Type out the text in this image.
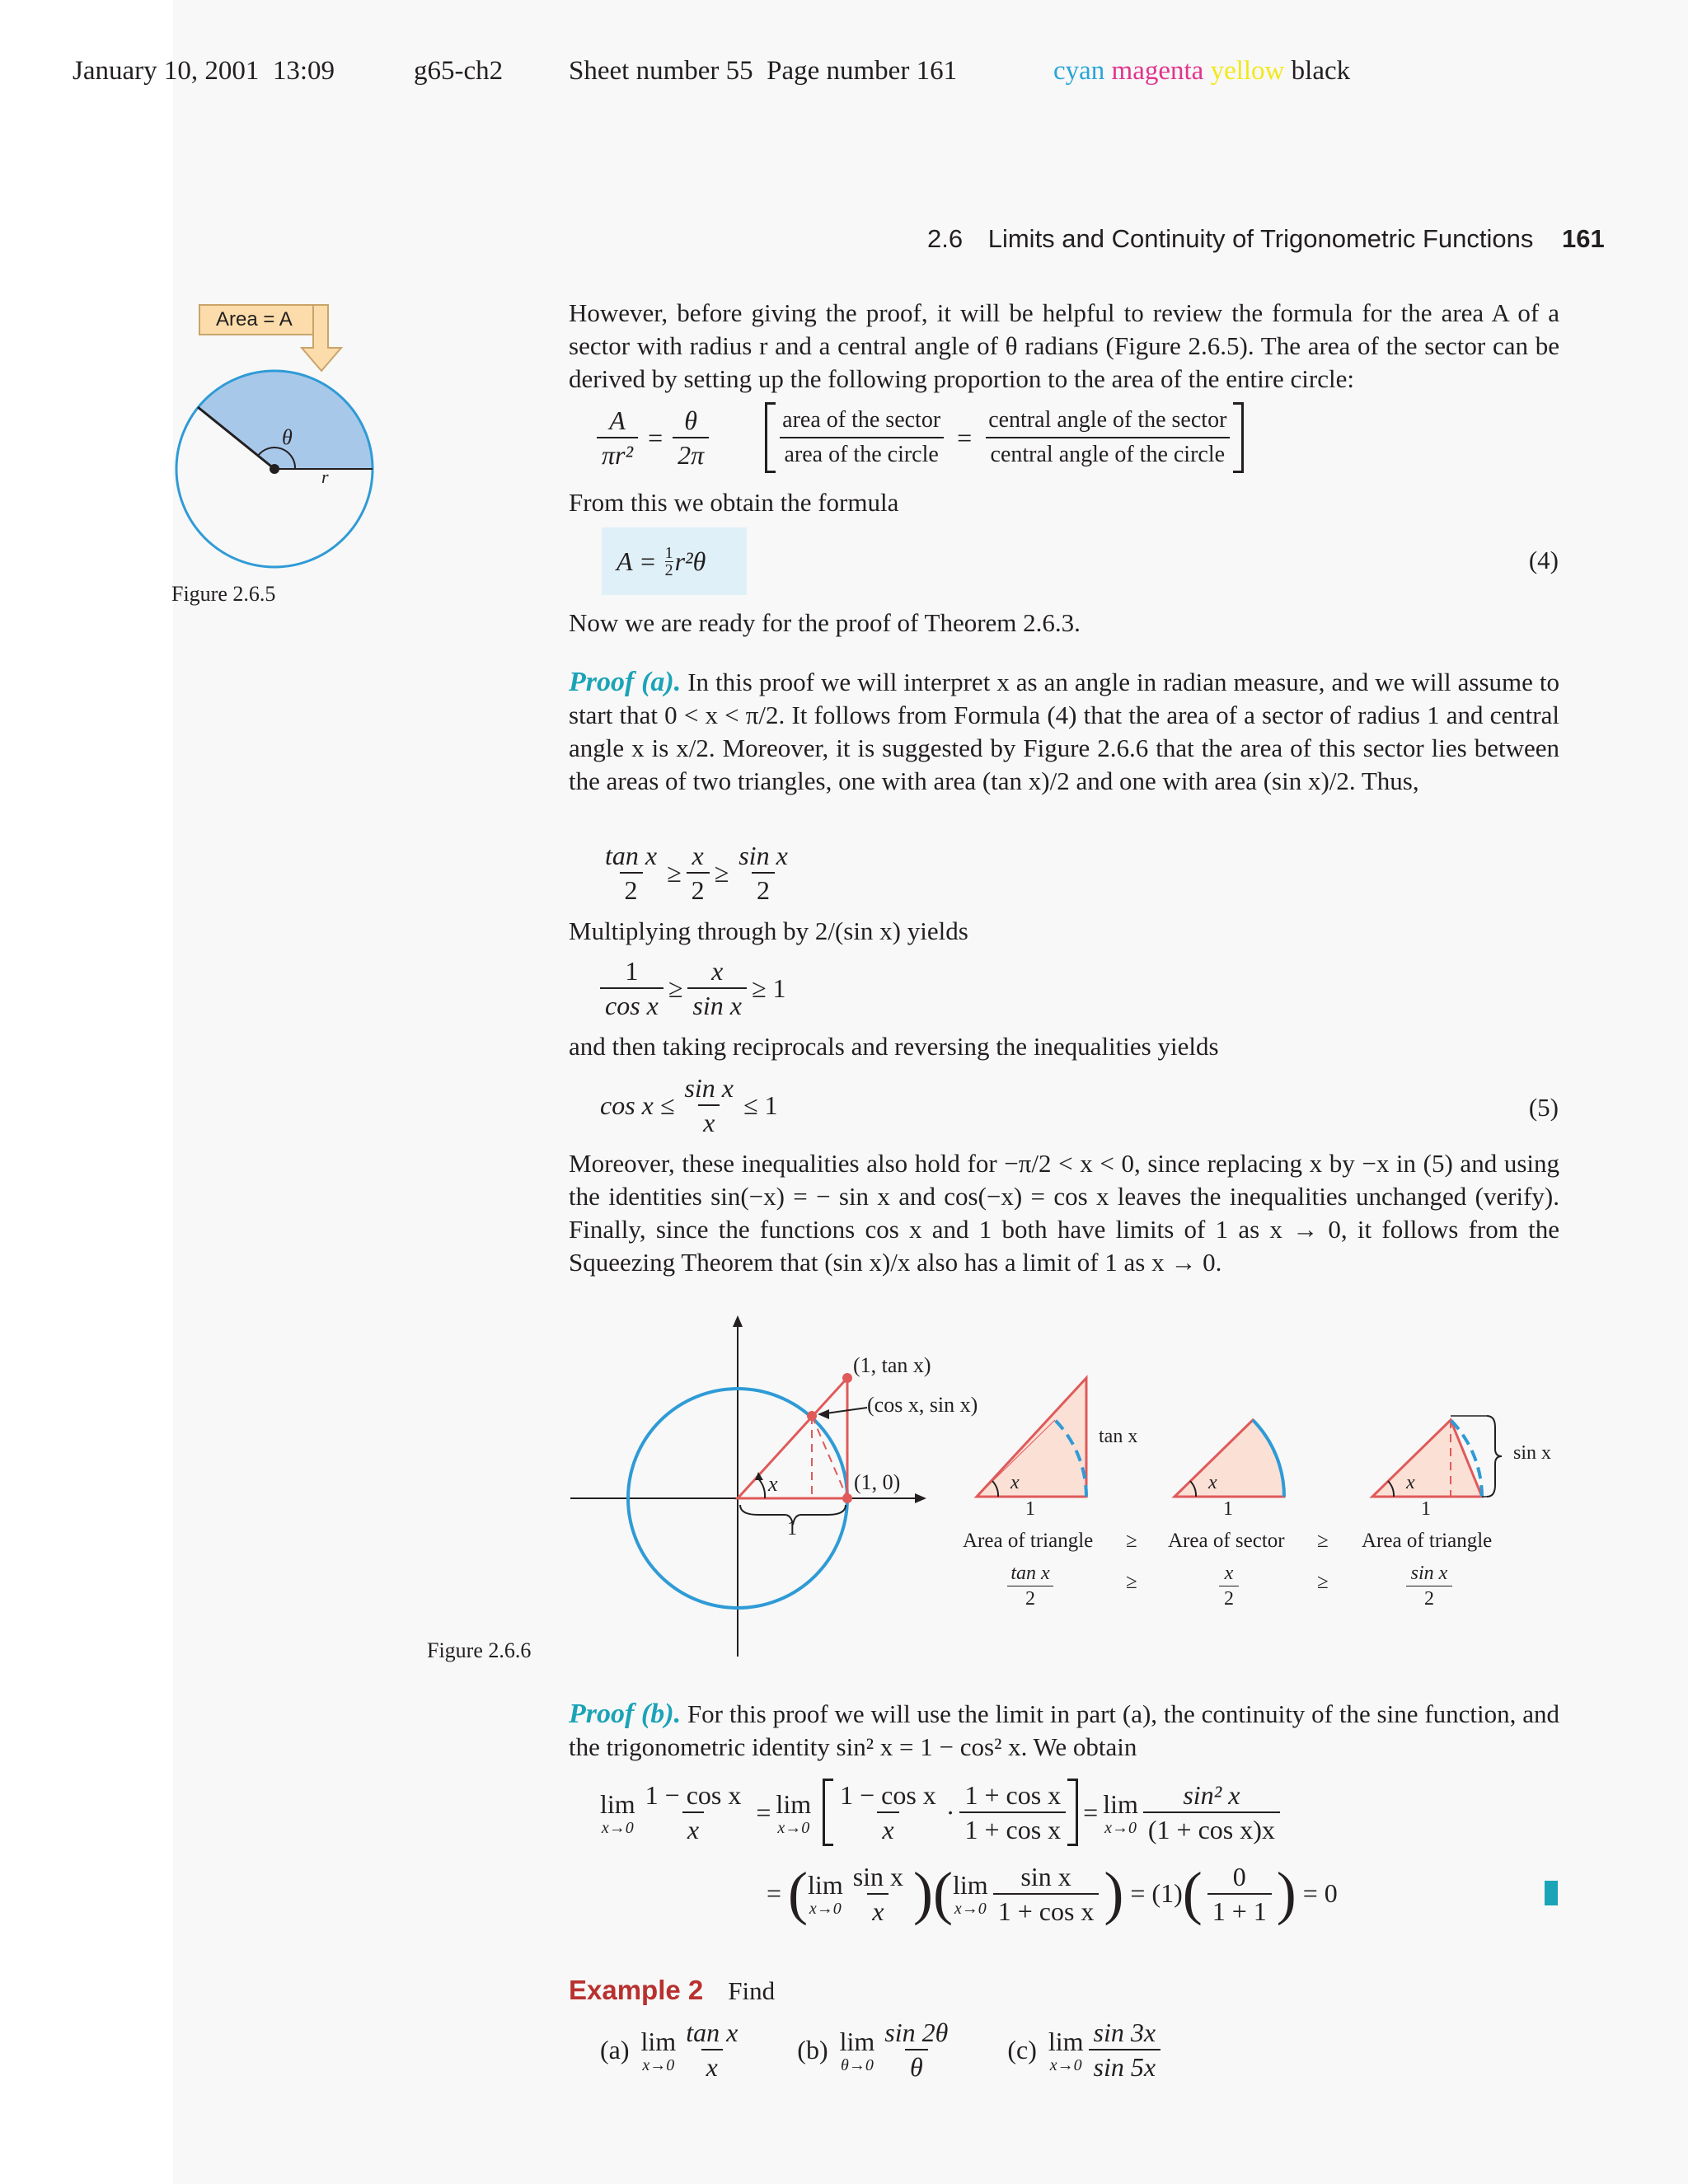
January 10, 2001  13:09	g65-ch2 Sheet number 55  Page number 161	cyan magenta yellow black
2.6 Limits and Continuity of Trigonometric Functions 161
Area = A
θ
r
Figure 2.6.5
However, before giving the proof, it will be helpful to review the formula for the area A of a sector with radius r and a central angle of θ radians (Figure 2.6.5). The area of the sector can be derived by setting up the following proportion to the area of the entire circle:
$\frac{A}{\text{πr²}} = \frac{\theta}{2\pi}$	$\frac{\text{area of the sector}}{\text{area of the circle}} = \frac{\text{central angle of the sector}}{\text{central angle of the circle}}$
From this we obtain the formula
$A = \frac{1}{2} r^2\theta$	(4)
Now we are ready for the proof of Theorem 2.6.3.
Proof (a). In this proof we will interpret x as an angle in radian measure, and we will assume to start that 0 < x < π/2. It follows from Formula (4) that the area of a sector of radius 1 and central angle x is x/2. Moreover, it is suggested by Figure 2.6.6 that the area of this sector lies between the areas of two triangles, one with area (tan x)/2 and one with area (sin x)/2. Thus,
$\frac{\text{tan x}}{2} \ge \frac{x}{2} \ge \frac{\text{sin x}}{2}$
Multiplying through by 2/(sin x) yields
$\frac{1}{\text{cos x}} \ge \frac{x}{\text{sin x}} \ge 1$
and then taking reciprocals and reversing the inequalities yields
$\cos x \le \frac{\text{sin x}}{x} \le 1$	(5)
Moreover, these inequalities also hold for −π/2 < x < 0, since replacing x by −x in (5) and using the identities sin(−x) = − sin x and cos(−x) = cos x leaves the inequalities unchanged (verify). Finally, since the functions cos x and 1 both have limits of 1 as x → 0, it follows from the Squeezing Theorem that (sin x)/x also has a limit of 1 as x → 0.
(1, tan x)
(cos x, sin x)
(1, 0)
x
1
x
1
tan x
x
1
x
1
sin x
Area of triangle ≥ Area of sector ≥ Area of triangle
$\frac{\text{tan x}}{2}$	≥	$\frac{x}{2}$	≥	$\frac{\text{sin x}}{2}$
Figure 2.6.6
Proof (b). For this proof we will use the limit in part (a), the continuity of the sine function, and the trigonometric identity sin² x = 1 − cos² x. We obtain
lim
$x\to 0 \frac{\text{1 − cos x}}{x} = \lim$
$x\to 0 \frac{\text{1 − cos x}}{x} \cdot \frac{\text{1 + cos x}}{\text{1 + cos x}} = \lim$
$x\to 0 \frac{\text{sin² x}}{\text{(1 + cos x)x}}$
= ( lim
$x\to 0 \frac{\text{sin x}}{x}$ ) ( lim
$x\to 0 \frac{\text{sin x}}{\text{1 + cos x}}$ ) = (1) ( $\frac{0}{1 + 1}$ ) = 0
Example 2 Find
(a) lim
$x\to 0 \frac{\text{tan x}}{x} (b)$ lim
$\theta\to 0 \frac{\sin 2\theta}{\theta} (c)$ lim
$x\to 0 \frac{\sin 3x}{\sin 5x}$
